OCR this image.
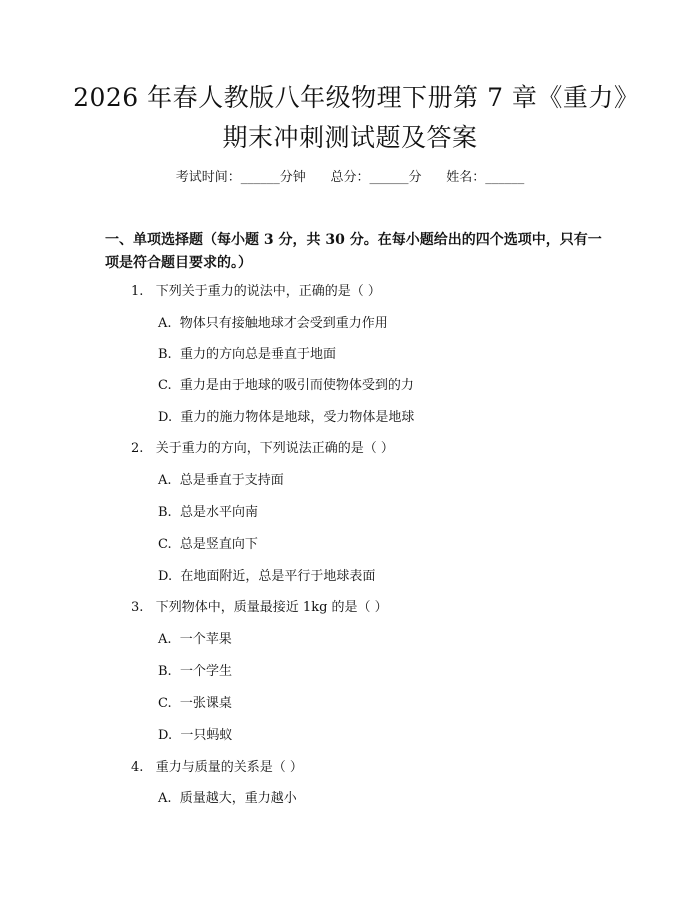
2026 年春人教版八年级物理下册第 7 章《重力》期末冲刺测试题及答案
考试时间：______分钟      总分：______分      姓名：______
一、单项选择题（每小题 3 分，共 30 分。在每小题给出的四个选项中，只有一项是符合题目要求的。）
1.   下列关于重力的说法中，正确的是（ ）
A.  物体只有接触地球才会受到重力作用
B.  重力的方向总是垂直于地面
C.  重力是由于地球的吸引而使物体受到的力
D.  重力的施力物体是地球，受力物体是地球
2.   关于重力的方向，下列说法正确的是（ ）
A.  总是垂直于支持面
B.  总是水平向南
C.  总是竖直向下
D.  在地面附近，总是平行于地球表面
3.   下列物体中，质量最接近 1kg 的是（ ）
A.  一个苹果
B.  一个学生
C.  一张课桌
D.  一只蚂蚁
4.   重力与质量的关系是（ ）
A.  质量越大，重力越小
